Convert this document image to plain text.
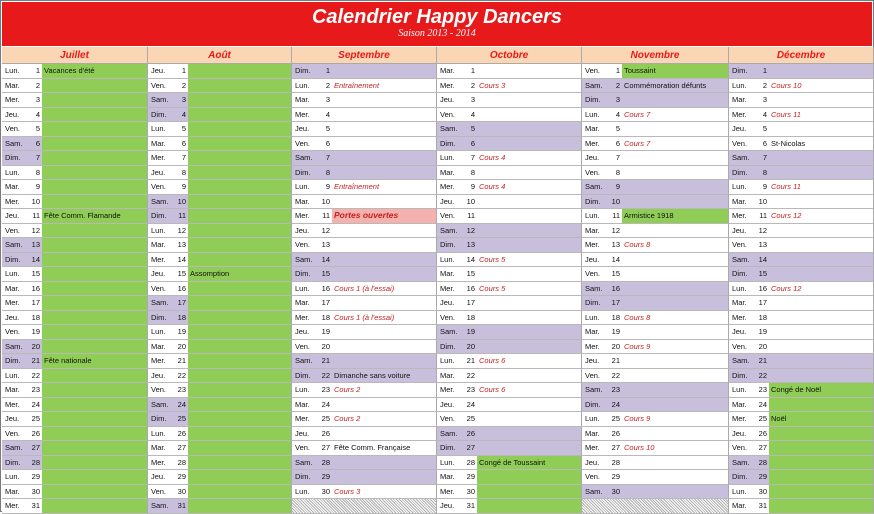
Calendrier Happy Dancers
Saison 2013 - 2014
Juillet
Lun.	1 Vacances d'été
Mar.	2
Mer.	3
Jeu.	4
Ven.	5
Sam.	6
Dim.	7
Lun.	8
Mar.	9
Mer.	10
Jeu.	11 Fête Comm. Flamande
Ven.	12
Sam.	13
Dim.	14
Lun.	15
Mar.	16
Mer.	17
Jeu.	18
Ven.	19
Sam.	20
Dim.	21 Fête nationale
Lun.	22
Mar.	23
Mer.	24
Jeu.	25
Ven.	26
Sam.	27
Dim.	28
Lun.	29
Mar.	30
Mer.	31
Août
Jeu.	1
Ven.	2
Sam.	3
Dim.	4
Lun.	5
Mar.	6
Mer.	7
Jeu.	8
Ven.	9
Sam.	10
Dim.	11
Lun.	12
Mar.	13
Mer.	14
Jeu.	15 Assomption
Ven.	16
Sam.	17
Dim.	18
Lun.	19
Mar.	20
Mer.	21
Jeu.	22
Ven.	23
Sam.	24
Dim.	25
Lun.	26
Mar.	27
Mer.	28
Jeu.	29
Ven.	30
Sam.	31
Septembre
Dim.	1
Lun.	2 Entraînement
Mar.	3
Mer.	4
Jeu.	5
Ven.	6
Sam.	7
Dim.	8
Lun.	9 Entraînement
Mar.	10
Mer.	11 Portes ouvertes
Jeu.	12
Ven.	13
Sam.	14
Dim.	15
Lun.	16 Cours 1 (à l'essai)
Mar.	17
Mer.	18 Cours 1 (à l'essai)
Jeu.	19
Ven.	20
Sam.	21
Dim.	22 Dimanche sans voiture
Lun.	23 Cours 2
Mar.	24
Mer.	25 Cours 2
Jeu.	26
Ven.	27 Fête Comm. Française
Sam.	28
Dim.	29
Lun.	30 Cours 3
Octobre
Mar.	1
Mer.	2 Cours 3
Jeu.	3
Ven.	4
Sam.	5
Dim.	6
Lun.	7 Cours 4
Mar.	8
Mer.	9 Cours 4
Jeu.	10
Ven.	11
Sam.	12
Dim.	13
Lun.	14 Cours 5
Mar.	15
Mer.	16 Cours 5
Jeu.	17
Ven.	18
Sam.	19
Dim.	20
Lun.	21 Cours 6
Mar.	22
Mer.	23 Cours 6
Jeu.	24
Ven.	25
Sam.	26
Dim.	27
Lun.	28 Congé de Toussaint
Mar.	29
Mer.	30
Jeu.	31
Novembre
Ven.	1 Toussaint
Sam.	2 Commémoration défunts
Dim.	3
Lun.	4 Cours 7
Mar.	5
Mer.	6 Cours 7
Jeu.	7
Ven.	8
Sam.	9
Dim.	10
Lun.	11 Armistice 1918
Mar.	12
Mer.	13 Cours 8
Jeu.	14
Ven.	15
Sam.	16
Dim.	17
Lun.	18 Cours 8
Mar.	19
Mer.	20 Cours 9
Jeu.	21
Ven.	22
Sam.	23
Dim.	24
Lun.	25 Cours 9
Mar.	26
Mer.	27 Cours 10
Jeu.	28
Ven.	29
Sam.	30
Décembre
Dim.	1
Lun.	2 Cours 10
Mar.	3
Mer.	4 Cours 11
Jeu.	5
Ven.	6 St-Nicolas
Sam.	7
Dim.	8
Lun.	9 Cours 11
Mar.	10
Mer.	11 Cours 12
Jeu.	12
Ven.	13
Sam.	14
Dim.	15
Lun.	16 Cours 12
Mar.	17
Mer.	18
Jeu.	19
Ven.	20
Sam.	21
Dim.	22
Lun.	23 Congé de Noël
Mar.	24
Mer.	25 Noël
Jeu.	26
Ven.	27
Sam.	28
Dim.	29
Lun.	30
Mar.	31
